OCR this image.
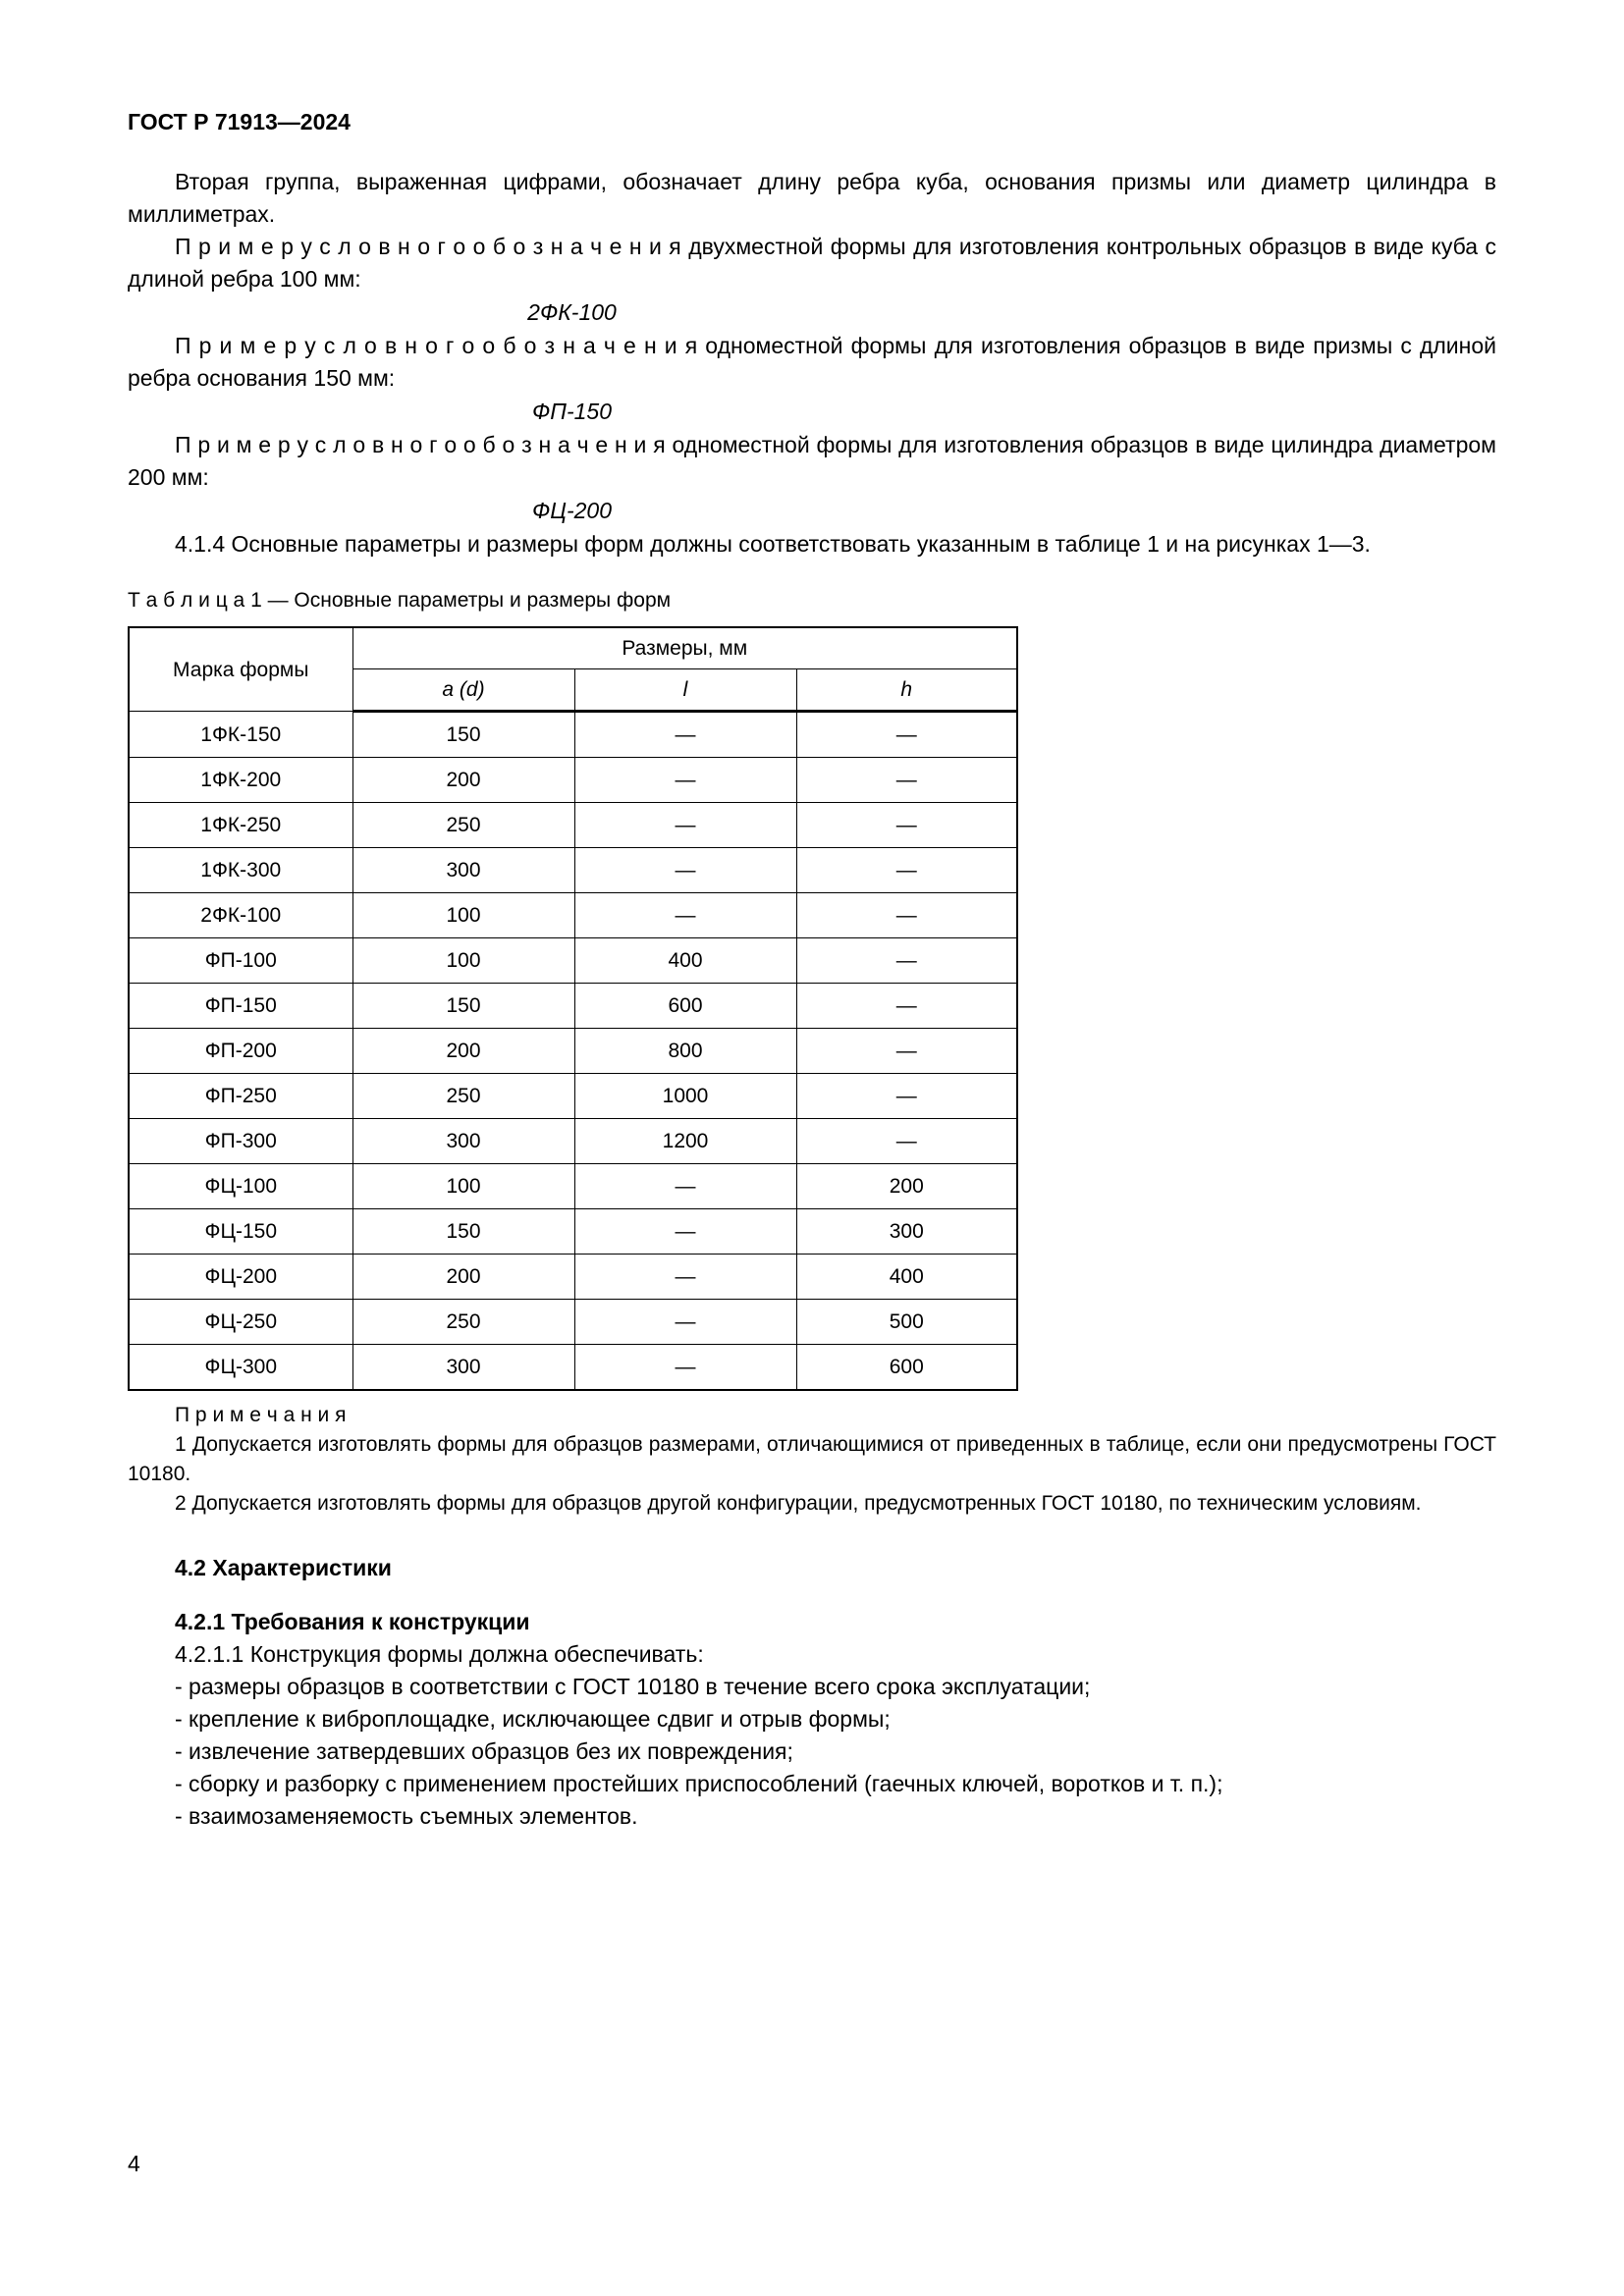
ГОСТ Р 71913—2024

Вторая группа, выраженная цифрами, обозначает длину ребра куба, основания призмы или диаметр цилиндра в миллиметрах.

П р и м е р у с л о в н о г о о б о з н а ч е н и я двухместной формы для изготовления контрольных образцов в виде куба с длиной ребра 100 мм:

2ФК-100

П р и м е р у с л о в н о г о о б о з н а ч е н и я одноместной формы для изготовления образцов в виде призмы с длиной ребра основания 150 мм:

ФП-150

П р и м е р у с л о в н о г о о б о з н а ч е н и я одноместной формы для изготовления образцов в виде цилиндра диаметром 200 мм:

ФЦ-200

4.1.4 Основные параметры и размеры форм должны соответствовать указанным в таблице 1 и на рисунках 1—3.

Т а б л и ц а 1 — Основные параметры и размеры форм
Марка формы	Размеры, мм		
	a (d)	l	h
1ФК-150	150	—	—
1ФК-200	200	—	—
1ФК-250	250	—	—
1ФК-300	300	—	—
2ФК-100	100	—	—
ФП-100	100	400	—
ФП-150	150	600	—
ФП-200	200	800	—
ФП-250	250	1000	—
ФП-300	300	1200	—
ФЦ-100	100	—	200
ФЦ-150	150	—	300
ФЦ-200	200	—	400
ФЦ-250	250	—	500
ФЦ-300	300	—	600
П р и м е ч а н и я

1 Допускается изготовлять формы для образцов размерами, отличающимися от приведенных в таблице, если они предусмотрены ГОСТ 10180.

2 Допускается изготовлять формы для образцов другой конфигурации, предусмотренных ГОСТ 10180, по техническим условиям.

4.2 Характеристики

4.2.1 Требования к конструкции

4.2.1.1 Конструкция формы должна обеспечивать:

- размеры образцов в соответствии с ГОСТ 10180 в течение всего срока эксплуатации;

- крепление к виброплощадке, исключающее сдвиг и отрыв формы;

- извлечение затвердевших образцов без их повреждения;

- сборку и разборку с применением простейших приспособлений (гаечных ключей, воротков и т. п.);

- взаимозаменяемость съемных элементов.

4
